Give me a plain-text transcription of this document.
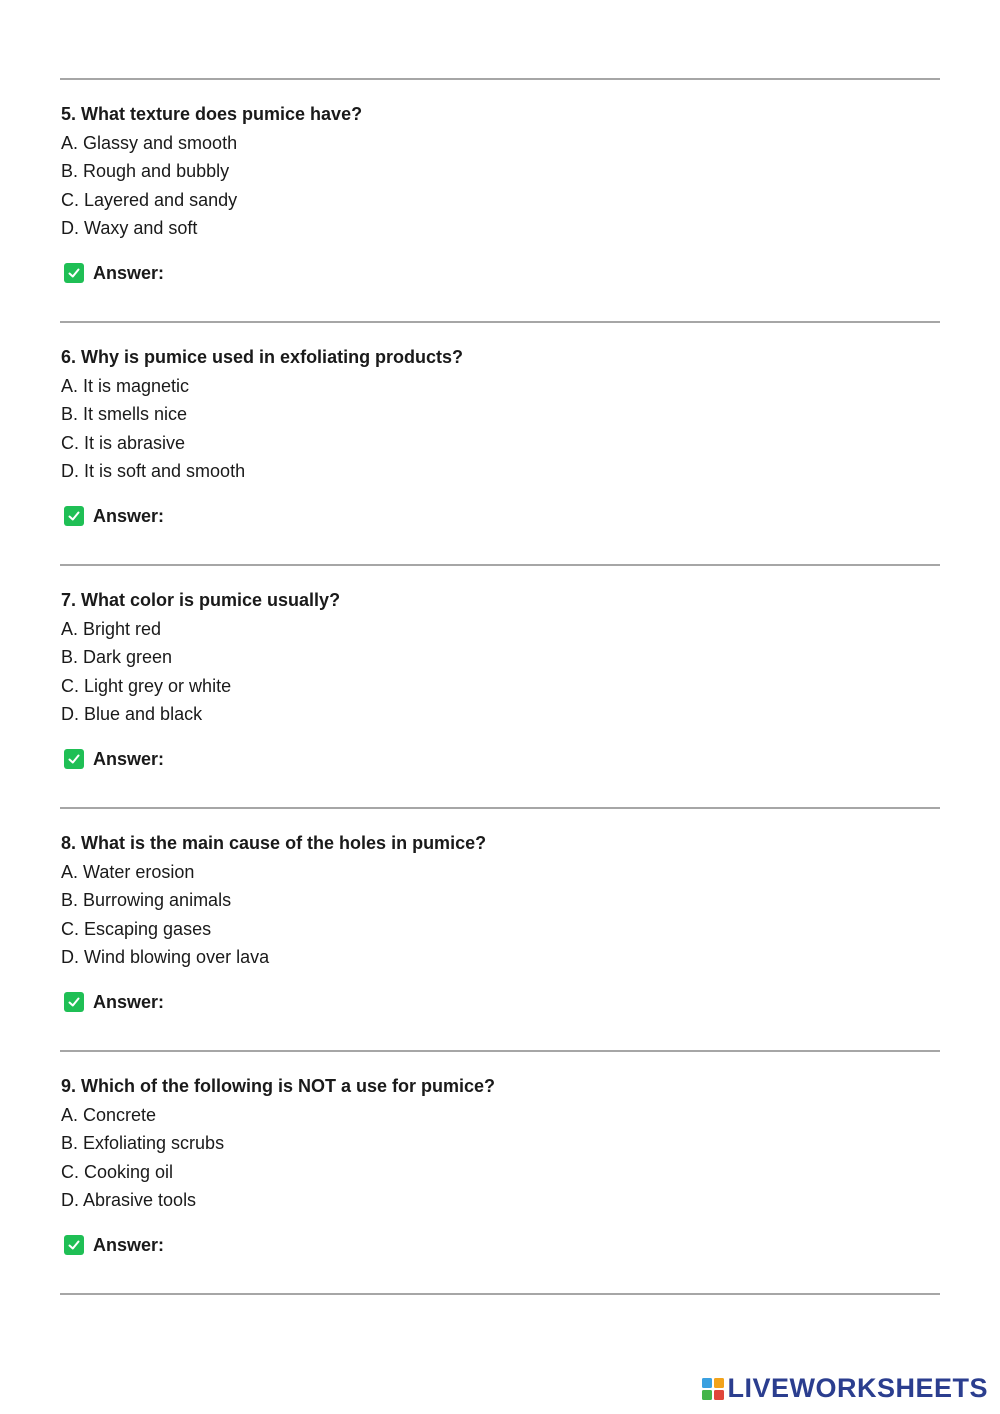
5. What texture does pumice have?

A. Glassy and smooth
B. Rough and bubbly
C. Layered and sandy
D. Waxy and soft
Answer:

6. Why is pumice used in exfoliating products?

A. It is magnetic
B. It smells nice
C. It is abrasive
D. It is soft and smooth
Answer:

7. What color is pumice usually?

A. Bright red
B. Dark green
C. Light grey or white
D. Blue and black
Answer:

8. What is the main cause of the holes in pumice?

A. Water erosion
B. Burrowing animals
C. Escaping gases
D. Wind blowing over lava
Answer:

9. Which of the following is NOT a use for pumice?

A. Concrete
B. Exfoliating scrubs
C. Cooking oil
D. Abrasive tools
Answer:
LIVEWORKSHEETS
